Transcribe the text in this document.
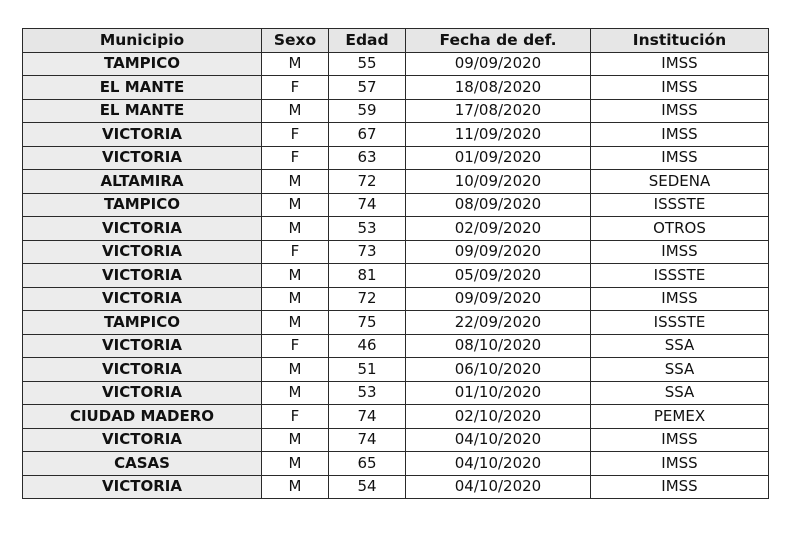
Municipio	Sexo	Edad	Fecha de def.	Institución
TAMPICO	M	55	09/09/2020	IMSS
EL MANTE	F	57	18/08/2020	IMSS
EL MANTE	M	59	17/08/2020	IMSS
VICTORIA	F	67	11/09/2020	IMSS
VICTORIA	F	63	01/09/2020	IMSS
ALTAMIRA	M	72	10/09/2020	SEDENA
TAMPICO	M	74	08/09/2020	ISSSTE
VICTORIA	M	53	02/09/2020	OTROS
VICTORIA	F	73	09/09/2020	IMSS
VICTORIA	M	81	05/09/2020	ISSSTE
VICTORIA	M	72	09/09/2020	IMSS
TAMPICO	M	75	22/09/2020	ISSSTE
VICTORIA	F	46	08/10/2020	SSA
VICTORIA	M	51	06/10/2020	SSA
VICTORIA	M	53	01/10/2020	SSA
CIUDAD MADERO	F	74	02/10/2020	PEMEX
VICTORIA	M	74	04/10/2020	IMSS
CASAS	M	65	04/10/2020	IMSS
VICTORIA	M	54	04/10/2020	IMSS
